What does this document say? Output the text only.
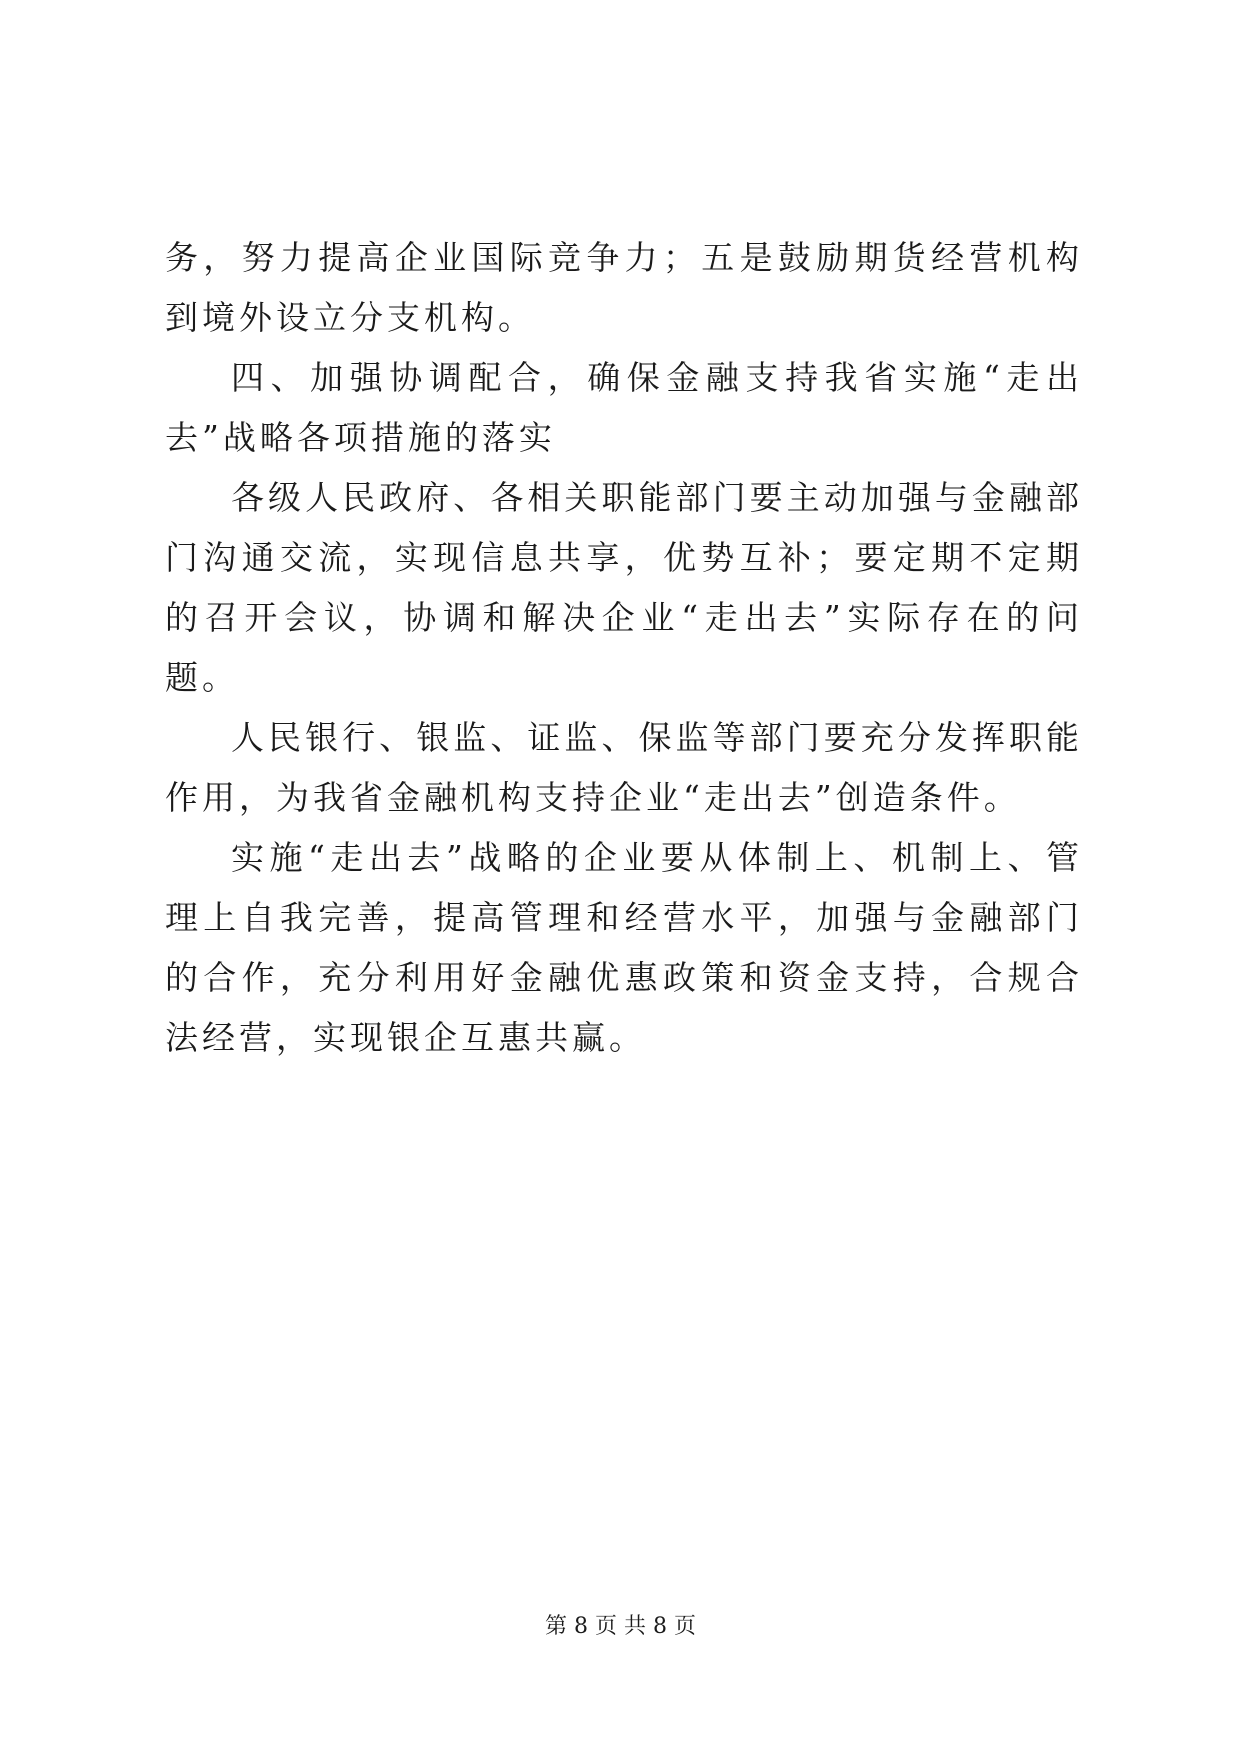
务，努力提高企业国际竞争力；五是鼓励期货经营机构到境外设立分支机构。

四、加强协调配合，确保金融支持我省实施“走出去”战略各项措施的落实

各级人民政府、各相关职能部门要主动加强与金融部门沟通交流，实现信息共享，优势互补；要定期不定期的召开会议，协调和解决企业“走出去”实际存在的问题。

人民银行、银监、证监、保监等部门要充分发挥职能作用，为我省金融机构支持企业“走出去”创造条件。

实施“走出去”战略的企业要从体制上、机制上、管理上自我完善，提高管理和经营水平，加强与金融部门的合作，充分利用好金融优惠政策和资金支持，合规合法经营，实现银企互惠共赢。

第 8 页 共 8 页
